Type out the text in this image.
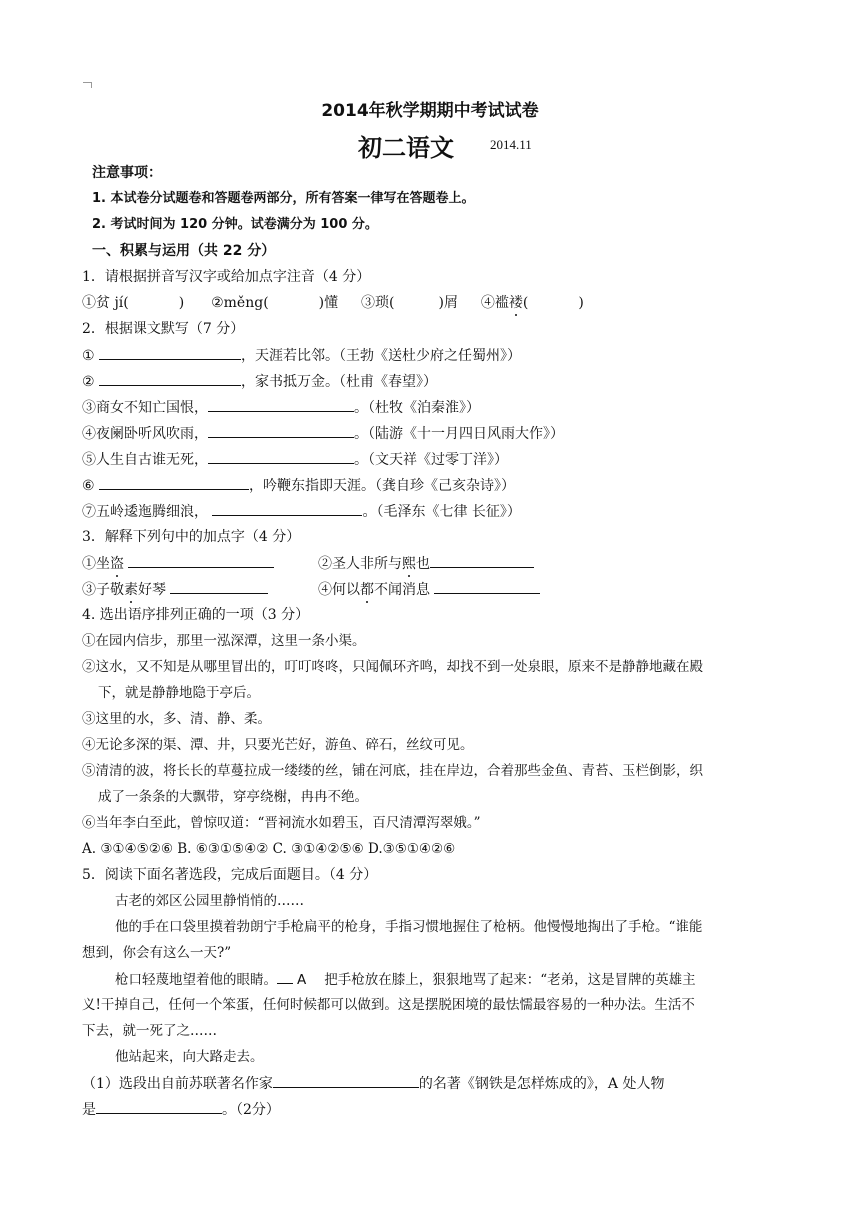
2014年秋学期期中考试试卷
初二语文	2014.11
注意事项：
1. 本试卷分试题卷和答题卷两部分，所有答案一律写在答题卷上。
2. 考试时间为 120 分钟。试卷满分为 100 分。
一、积累与运用（共 22 分）
1．请根据拼音写汉字或给加点字注音（4 分）
①贫 jí(	) ②měng(	)懂 ③琐(	)屑 ④褴褛(	)
2．根据课文默写（7 分）
①	，天涯若比邻。（王勃《送杜少府之任蜀州》）
②	，家书抵万金。（杜甫《春望》）
③商女不知亡国恨，	。（杜牧《泊秦淮》）
④夜阑卧听风吹雨，	。（陆游《十一月四日风雨大作》）
⑤人生自古谁无死，	。（文天祥《过零丁洋》）
⑥	，吟鞭东指即天涯。（龚自珍《己亥杂诗》）
⑦五岭逶迤腾细浪，	。（毛泽东《七律 长征》）
3．解释下列句中的加点字（4 分）
①坐盗	②圣人非所与熙也
③子敬素好琴	④何以都不闻消息
4. 选出语序排列正确的一项（3 分）
①在园内信步，那里一泓深潭，这里一条小渠。
②这水，又不知是从哪里冒出的，叮叮咚咚，只闻佩环齐鸣，却找不到一处泉眼，原来不是静静地藏在殿
下，就是静静地隐于亭后。
③这里的水，多、清、静、柔。
④无论多深的渠、潭、井，只要光芒好，游鱼、碎石，丝纹可见。
⑤清清的波，将长长的草蔓拉成一缕缕的丝，铺在河底，挂在岸边，合着那些金鱼、青苔、玉栏倒影，织
成了一条条的大飘带，穿亭绕榭，冉冉不绝。
⑥当年李白至此，曾惊叹道：“晋祠流水如碧玉，百尺清潭泻翠娥。”
A. ③①④⑤②⑥ B. ⑥③①⑤④② C. ③①④②⑤⑥ D.③⑤①④②⑥
5．阅读下面名著选段，完成后面题目。（4 分）
古老的郊区公园里静悄悄的……
他的手在口袋里摸着勃朗宁手枪扁平的枪身，手指习惯地握住了枪柄。他慢慢地掏出了手枪。“谁能
想到，你会有这么一天?”
枪口轻蔑地望着他的眼睛。 A 把手枪放在膝上，狠狠地骂了起来：“老弟，这是冒牌的英雄主
义!干掉自己，任何一个笨蛋，任何时候都可以做到。这是摆脱困境的最怯懦最容易的一种办法。生活不
下去，就一死了之……
他站起来，向大路走去。
（1）选段出自前苏联著名作家	的名著《钢铁是怎样炼成的》，A 处人物
是	。（2分）
